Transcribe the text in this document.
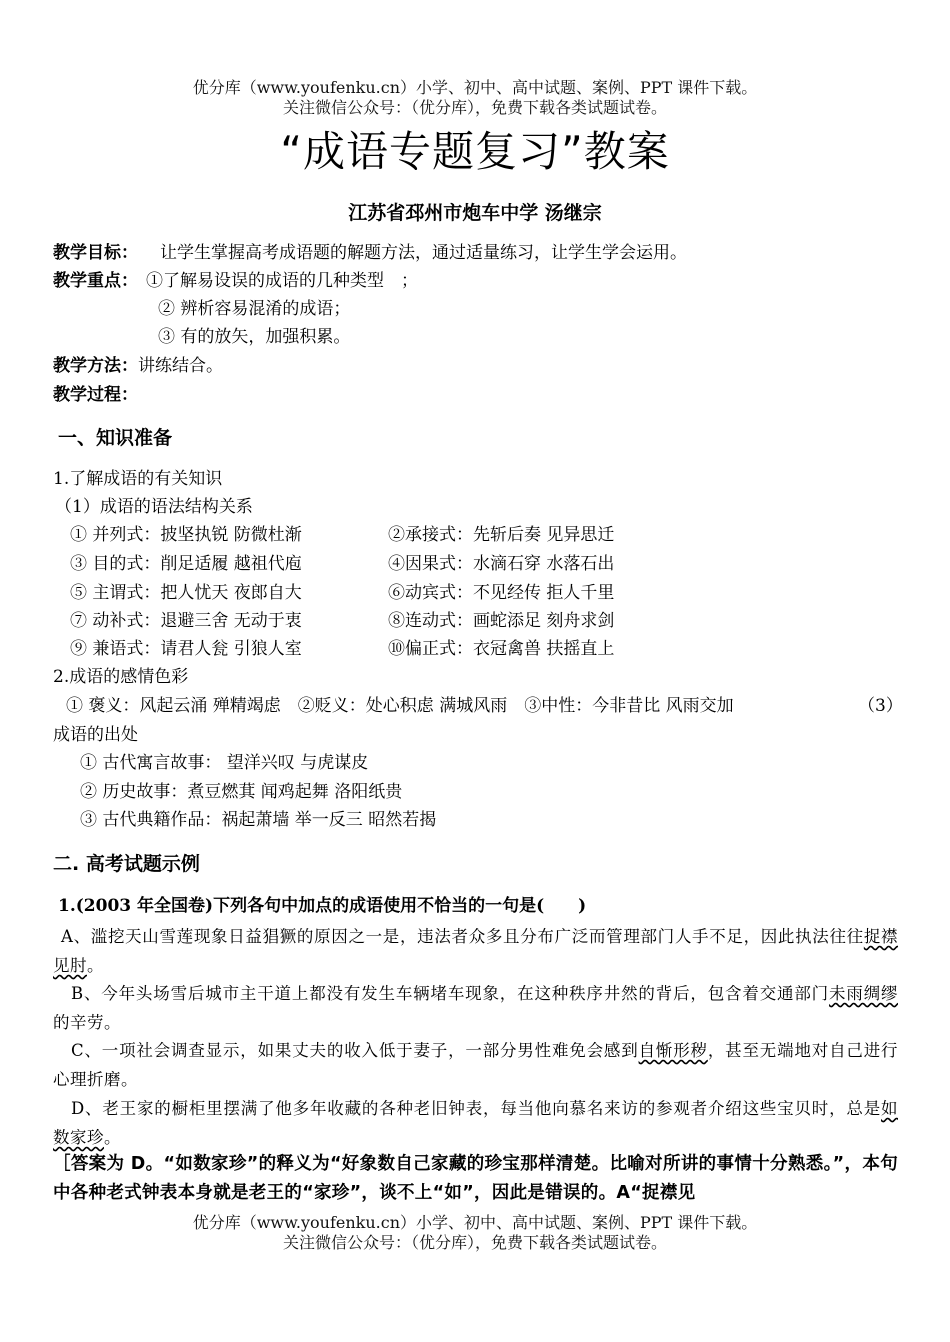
优分库（www.youfenku.cn）小学、初中、高中试题、案例、PPT 课件下载。
关注微信公众号：（优分库），免费下载各类试题试卷。
“成语专题复习”教案
江苏省邳州市炮车中学 汤继宗
教学目标： 让学生掌握高考成语题的解题方法，通过适量练习，让学生学会运用。
教学重点： ①了解易设误的成语的几种类型　；
② 辨析容易混淆的成语；
③ 有的放矢，加强积累。
教学方法：讲练结合。
教学过程：
一、知识准备
1.了解成语的有关知识
（1）成语的语法结构关系
① 并列式：披坚执锐 防微杜渐
③ 目的式：削足适履 越祖代庖
⑤ 主谓式：把人忧天 夜郎自大
⑦ 动补式：退避三舍 无动于衷
⑨ 兼语式：请君人瓮 引狼人室
②承接式：先斩后奏 见异思迁
④因果式：水滴石穿 水落石出
⑥动宾式：不见经传 拒人千里
⑧连动式：画蛇添足 刻舟求剑
⑩偏正式：衣冠禽兽 扶摇直上
2.成语的感情色彩
① 褒义：风起云涌 殚精竭虑　②贬义：处心积虑 满城风雨　③中性：今非昔比 风雨交加	（3）
成语的出处
① 古代寓言故事： 望洋兴叹 与虎谋皮
② 历史故事：煮豆燃萁 闻鸡起舞 洛阳纸贵
③ 古代典籍作品：祸起萧墙 举一反三 昭然若揭
二. 高考试题示例
1.(2003 年全国卷)下列各句中加点的成语使用不恰当的一句是(　　)
A、滥挖天山雪莲现象日益猖獗的原因之一是，违法者众多且分布广泛而管理部门人手不足，因此执法往往捉襟见肘。
B、今年头场雪后城市主干道上都没有发生车辆堵车现象，在这种秩序井然的背后，包含着交通部门未雨绸缪的辛劳。
C、一项社会调查显示，如果丈夫的收入低于妻子，一部分男性难免会感到自惭形秽，甚至无端地对自己进行心理折磨。
D、老王家的橱柜里摆满了他多年收藏的各种老旧钟表，每当他向慕名来访的参观者介绍这些宝贝时，总是如数家珍。
［答案为 D。“如数家珍”的释义为“好象数自己家藏的珍宝那样清楚。比喻对所讲的事情十分熟悉。”，本句中各种老式钟表本身就是老王的“家珍”，谈不上“如”，因此是错误的。A“捉襟见
优分库（www.youfenku.cn）小学、初中、高中试题、案例、PPT 课件下载。
关注微信公众号：（优分库），免费下载各类试题试卷。
